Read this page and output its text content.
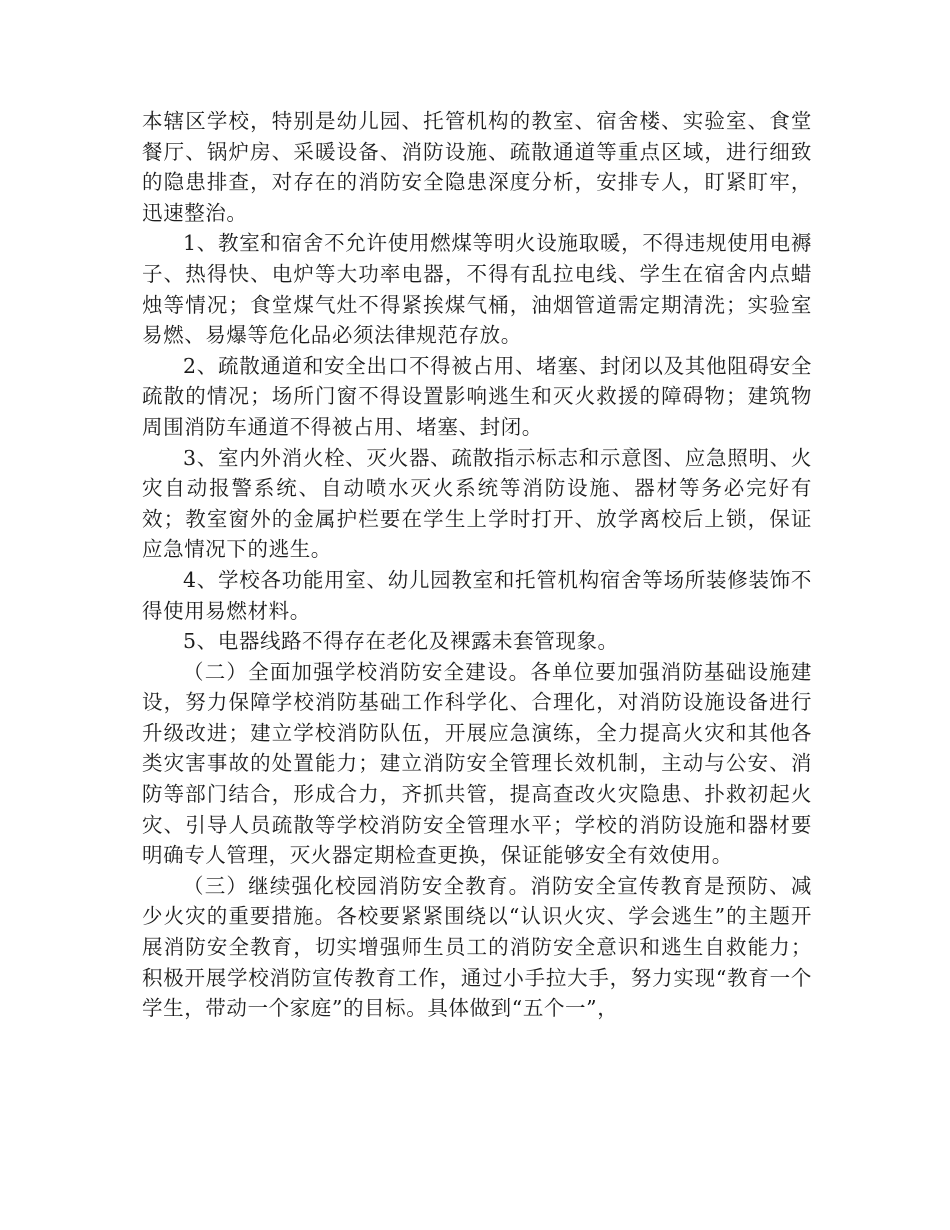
本辖区学校，特别是幼儿园、托管机构的教室、宿舍楼、实验室、食堂餐厅、锅炉房、采暖设备、消防设施、疏散通道等重点区域，进行细致的隐患排查，对存在的消防安全隐患深度分析，安排专人，盯紧盯牢，迅速整治。

1、教室和宿舍不允许使用燃煤等明火设施取暖，不得违规使用电褥子、热得快、电炉等大功率电器，不得有乱拉电线、学生在宿舍内点蜡烛等情况；食堂煤气灶不得紧挨煤气桶，油烟管道需定期清洗；实验室易燃、易爆等危化品必须法律规范存放。

2、疏散通道和安全出口不得被占用、堵塞、封闭以及其他阻碍安全疏散的情况；场所门窗不得设置影响逃生和灭火救援的障碍物；建筑物周围消防车通道不得被占用、堵塞、封闭。

3、室内外消火栓、灭火器、疏散指示标志和示意图、应急照明、火灾自动报警系统、自动喷水灭火系统等消防设施、器材等务必完好有效；教室窗外的金属护栏要在学生上学时打开、放学离校后上锁，保证应急情况下的逃生。

4、学校各功能用室、幼儿园教室和托管机构宿舍等场所装修装饰不得使用易燃材料。

5、电器线路不得存在老化及裸露未套管现象。

（二）全面加强学校消防安全建设。各单位要加强消防基础设施建设，努力保障学校消防基础工作科学化、合理化，对消防设施设备进行升级改进；建立学校消防队伍，开展应急演练，全力提高火灾和其他各类灾害事故的处置能力；建立消防安全管理长效机制，主动与公安、消防等部门结合，形成合力，齐抓共管，提高查改火灾隐患、扑救初起火灾、引导人员疏散等学校消防安全管理水平；学校的消防设施和器材要明确专人管理，灭火器定期检查更换，保证能够安全有效使用。

（三）继续强化校园消防安全教育。消防安全宣传教育是预防、减少火灾的重要措施。各校要紧紧围绕以“认识火灾、学会逃生”的主题开展消防安全教育，切实增强师生员工的消防安全意识和逃生自救能力；积极开展学校消防宣传教育工作，通过小手拉大手，努力实现“教育一个学生，带动一个家庭”的目标。具体做到“五个一”，
